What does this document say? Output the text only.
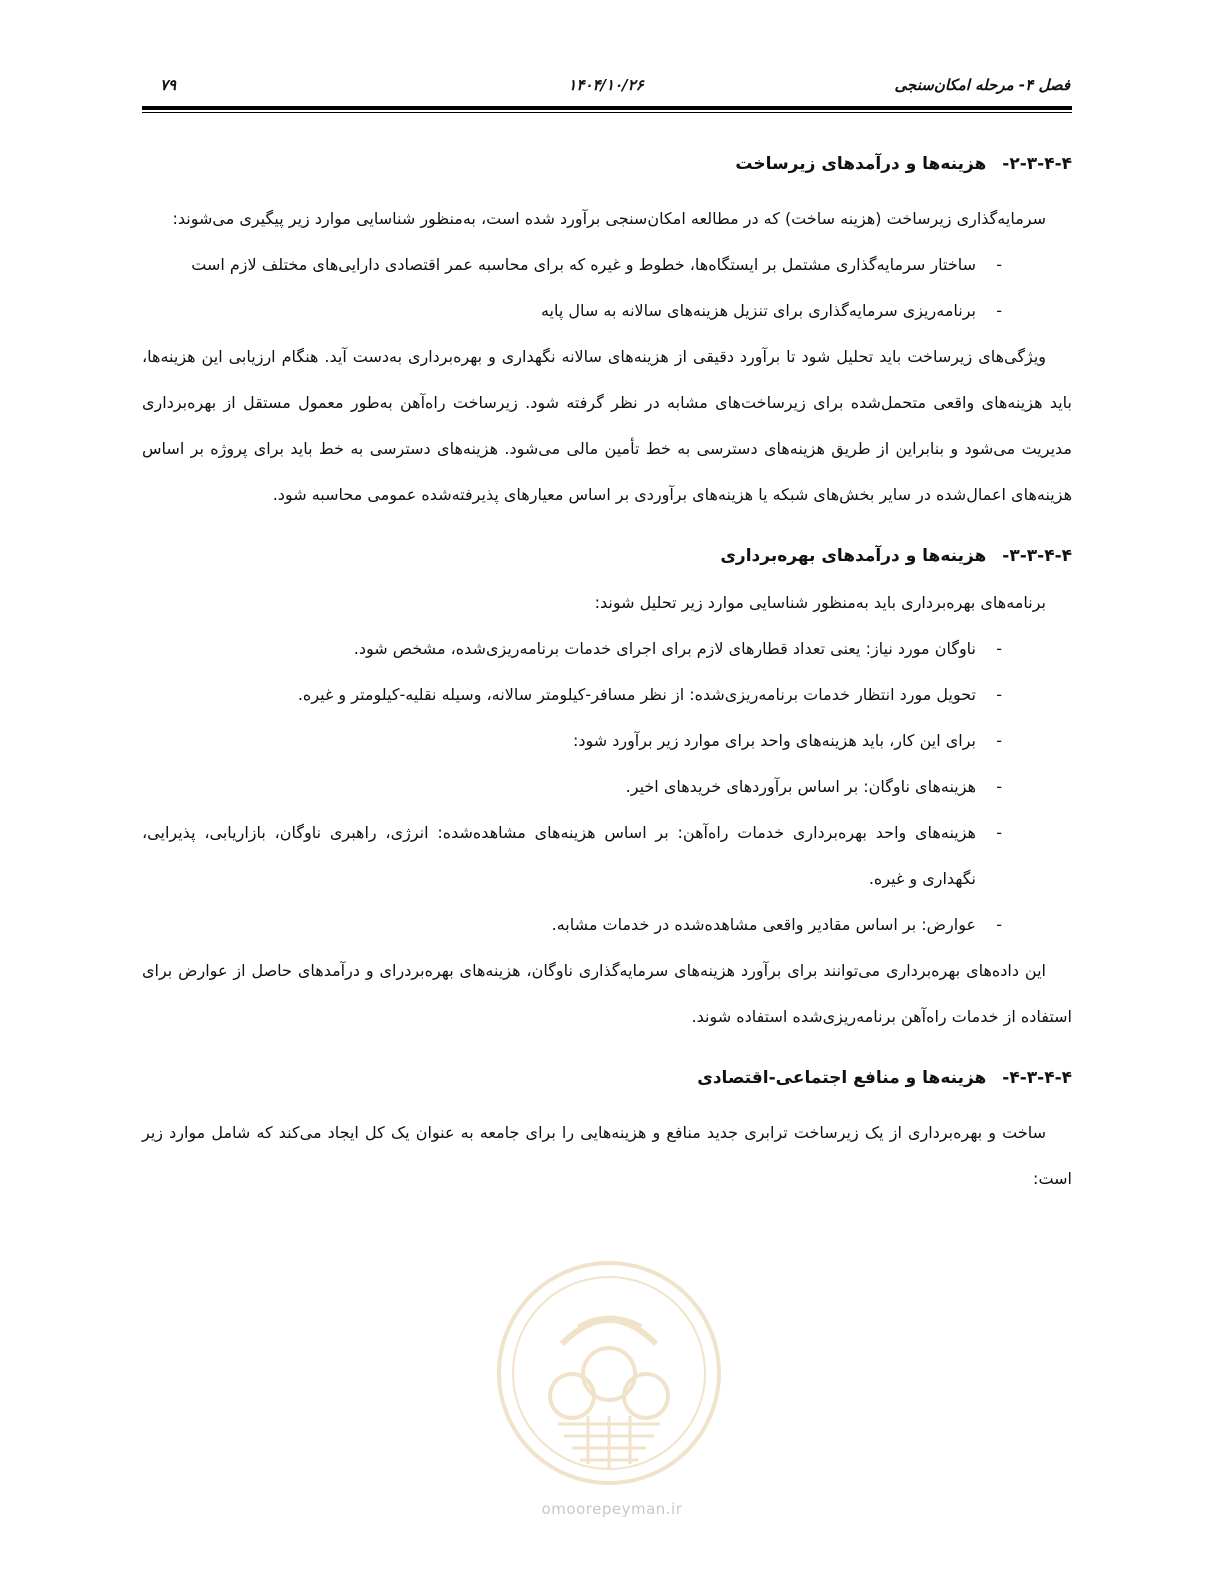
فصل ۴- مرحله امکان‌سنجی
۱۴۰۴/۱۰/۲۶
۷۹
۲-۳-۴-۴- هزینه‌ها و درآمدهای زیرساخت

سرمایه‌گذاری زیرساخت (هزینه ساخت) که در مطالعه امکان‌سنجی برآورد شده است، به‌منظور شناسایی موارد زیر پیگیری می‌شوند:

-
ساختار سرمایه‌گذاری مشتمل بر ایستگاه‌ها، خطوط و غیره که برای محاسبه عمر اقتصادی دارایی‌های مختلف لازم است
-
برنامه‌ریزی سرمایه‌گذاری برای تنزیل هزینه‌های سالانه به سال پایه

ویژگی‌های زیرساخت باید تحلیل شود تا برآورد دقیقی از هزینه‌های سالانه نگهداری و بهره‌برداری به‌دست آید. هنگام ارزیابی این هزینه‌ها، باید هزینه‌های واقعی متحمل‌شده برای زیرساخت‌های مشابه در نظر گرفته شود. زیرساخت راه‌آهن به‌طور معمول مستقل از بهره‌برداری مدیریت می‌شود و بنابراین از طریق هزینه‌های دسترسی به خط تأمین مالی می‌شود. هزینه‌های دسترسی به خط باید برای پروژه بر اساس هزینه‌های اعمال‌شده در سایر بخش‌های شبکه یا هزینه‌های برآوردی بر اساس معیارهای پذیرفته‌شده عمومی محاسبه شود.

۳-۳-۴-۴- هزینه‌ها و درآمدهای بهره‌برداری

برنامه‌های بهره‌برداری باید به‌منظور شناسایی موارد زیر تحلیل شوند:

-
ناوگان مورد نیاز: یعنی تعداد قطارهای لازم برای اجرای خدمات برنامه‌ریزی‌شده، مشخص شود.
-
تحویل مورد انتظار خدمات برنامه‌ریزی‌شده: از نظر مسافر-کیلومتر سالانه، وسیله نقلیه-کیلومتر و غیره.
-
برای این کار، باید هزینه‌های واحد برای موارد زیر برآورد شود:
-
هزینه‌های ناوگان: بر اساس برآوردهای خریدهای اخیر.
-
هزینه‌های واحد بهره‌برداری خدمات راه‌آهن: بر اساس هزینه‌های مشاهده‌شده: انرژی، راهبری ناوگان، بازاریابی، پذیرایی، نگهداری و غیره.
-
عوارض: بر اساس مقادیر واقعی مشاهده‌شده در خدمات مشابه.

این داده‌های بهره‌برداری می‌توانند برای برآورد هزینه‌های سرمایه‌گذاری ناوگان، هزینه‌های بهره‌بردرای و درآمدهای حاصل از عوارض برای استفاده از خدمات راه‌آهن برنامه‌ریزی‌شده استفاده شوند.

۴-۳-۴-۴- هزینه‌ها و منافع اجتماعی-اقتصادی

ساخت و بهره‌برداری از یک زیرساخت ترابری جدید منافع و هزینه‌هایی را برای جامعه به عنوان یک کل ایجاد می‌کند که شامل موارد زیر است:

omoorepeyman.ir
